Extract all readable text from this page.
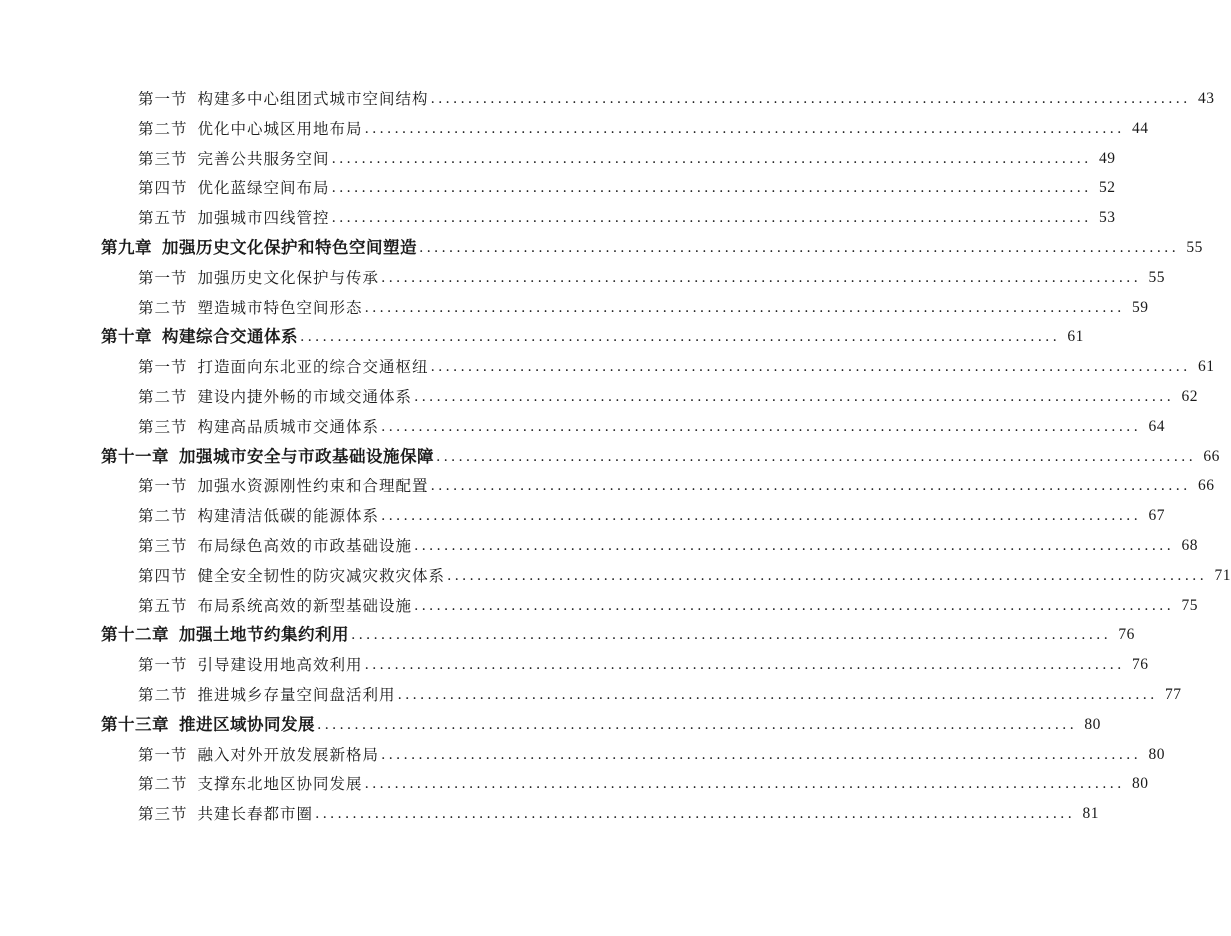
第一节 构建多中心组团式城市空间结构 ...................................................................................................... 43
第二节 优化中心城区用地布局 ...................................................................................................... 44
第三节 完善公共服务空间 ...................................................................................................... 49
第四节 优化蓝绿空间布局 ...................................................................................................... 52
第五节 加强城市四线管控 ...................................................................................................... 53
第九章 加强历史文化保护和特色空间塑造 ...................................................................................................... 55
第一节 加强历史文化保护与传承 ...................................................................................................... 55
第二节 塑造城市特色空间形态 ...................................................................................................... 59
第十章 构建综合交通体系 ...................................................................................................... 61
第一节 打造面向东北亚的综合交通枢纽 ...................................................................................................... 61
第二节 建设内捷外畅的市域交通体系 ...................................................................................................... 62
第三节 构建高品质城市交通体系 ...................................................................................................... 64
第十一章 加强城市安全与市政基础设施保障 ...................................................................................................... 66
第一节 加强水资源刚性约束和合理配置 ...................................................................................................... 66
第二节 构建清洁低碳的能源体系 ...................................................................................................... 67
第三节 布局绿色高效的市政基础设施 ...................................................................................................... 68
第四节 健全安全韧性的防灾减灾救灾体系 ...................................................................................................... 71
第五节 布局系统高效的新型基础设施 ...................................................................................................... 75
第十二章 加强土地节约集约利用 ...................................................................................................... 76
第一节 引导建设用地高效利用 ...................................................................................................... 76
第二节 推进城乡存量空间盘活利用 ...................................................................................................... 77
第十三章 推进区域协同发展 ...................................................................................................... 80
第一节 融入对外开放发展新格局 ...................................................................................................... 80
第二节 支撑东北地区协同发展 ...................................................................................................... 80
第三节 共建长春都市圈 ...................................................................................................... 81
